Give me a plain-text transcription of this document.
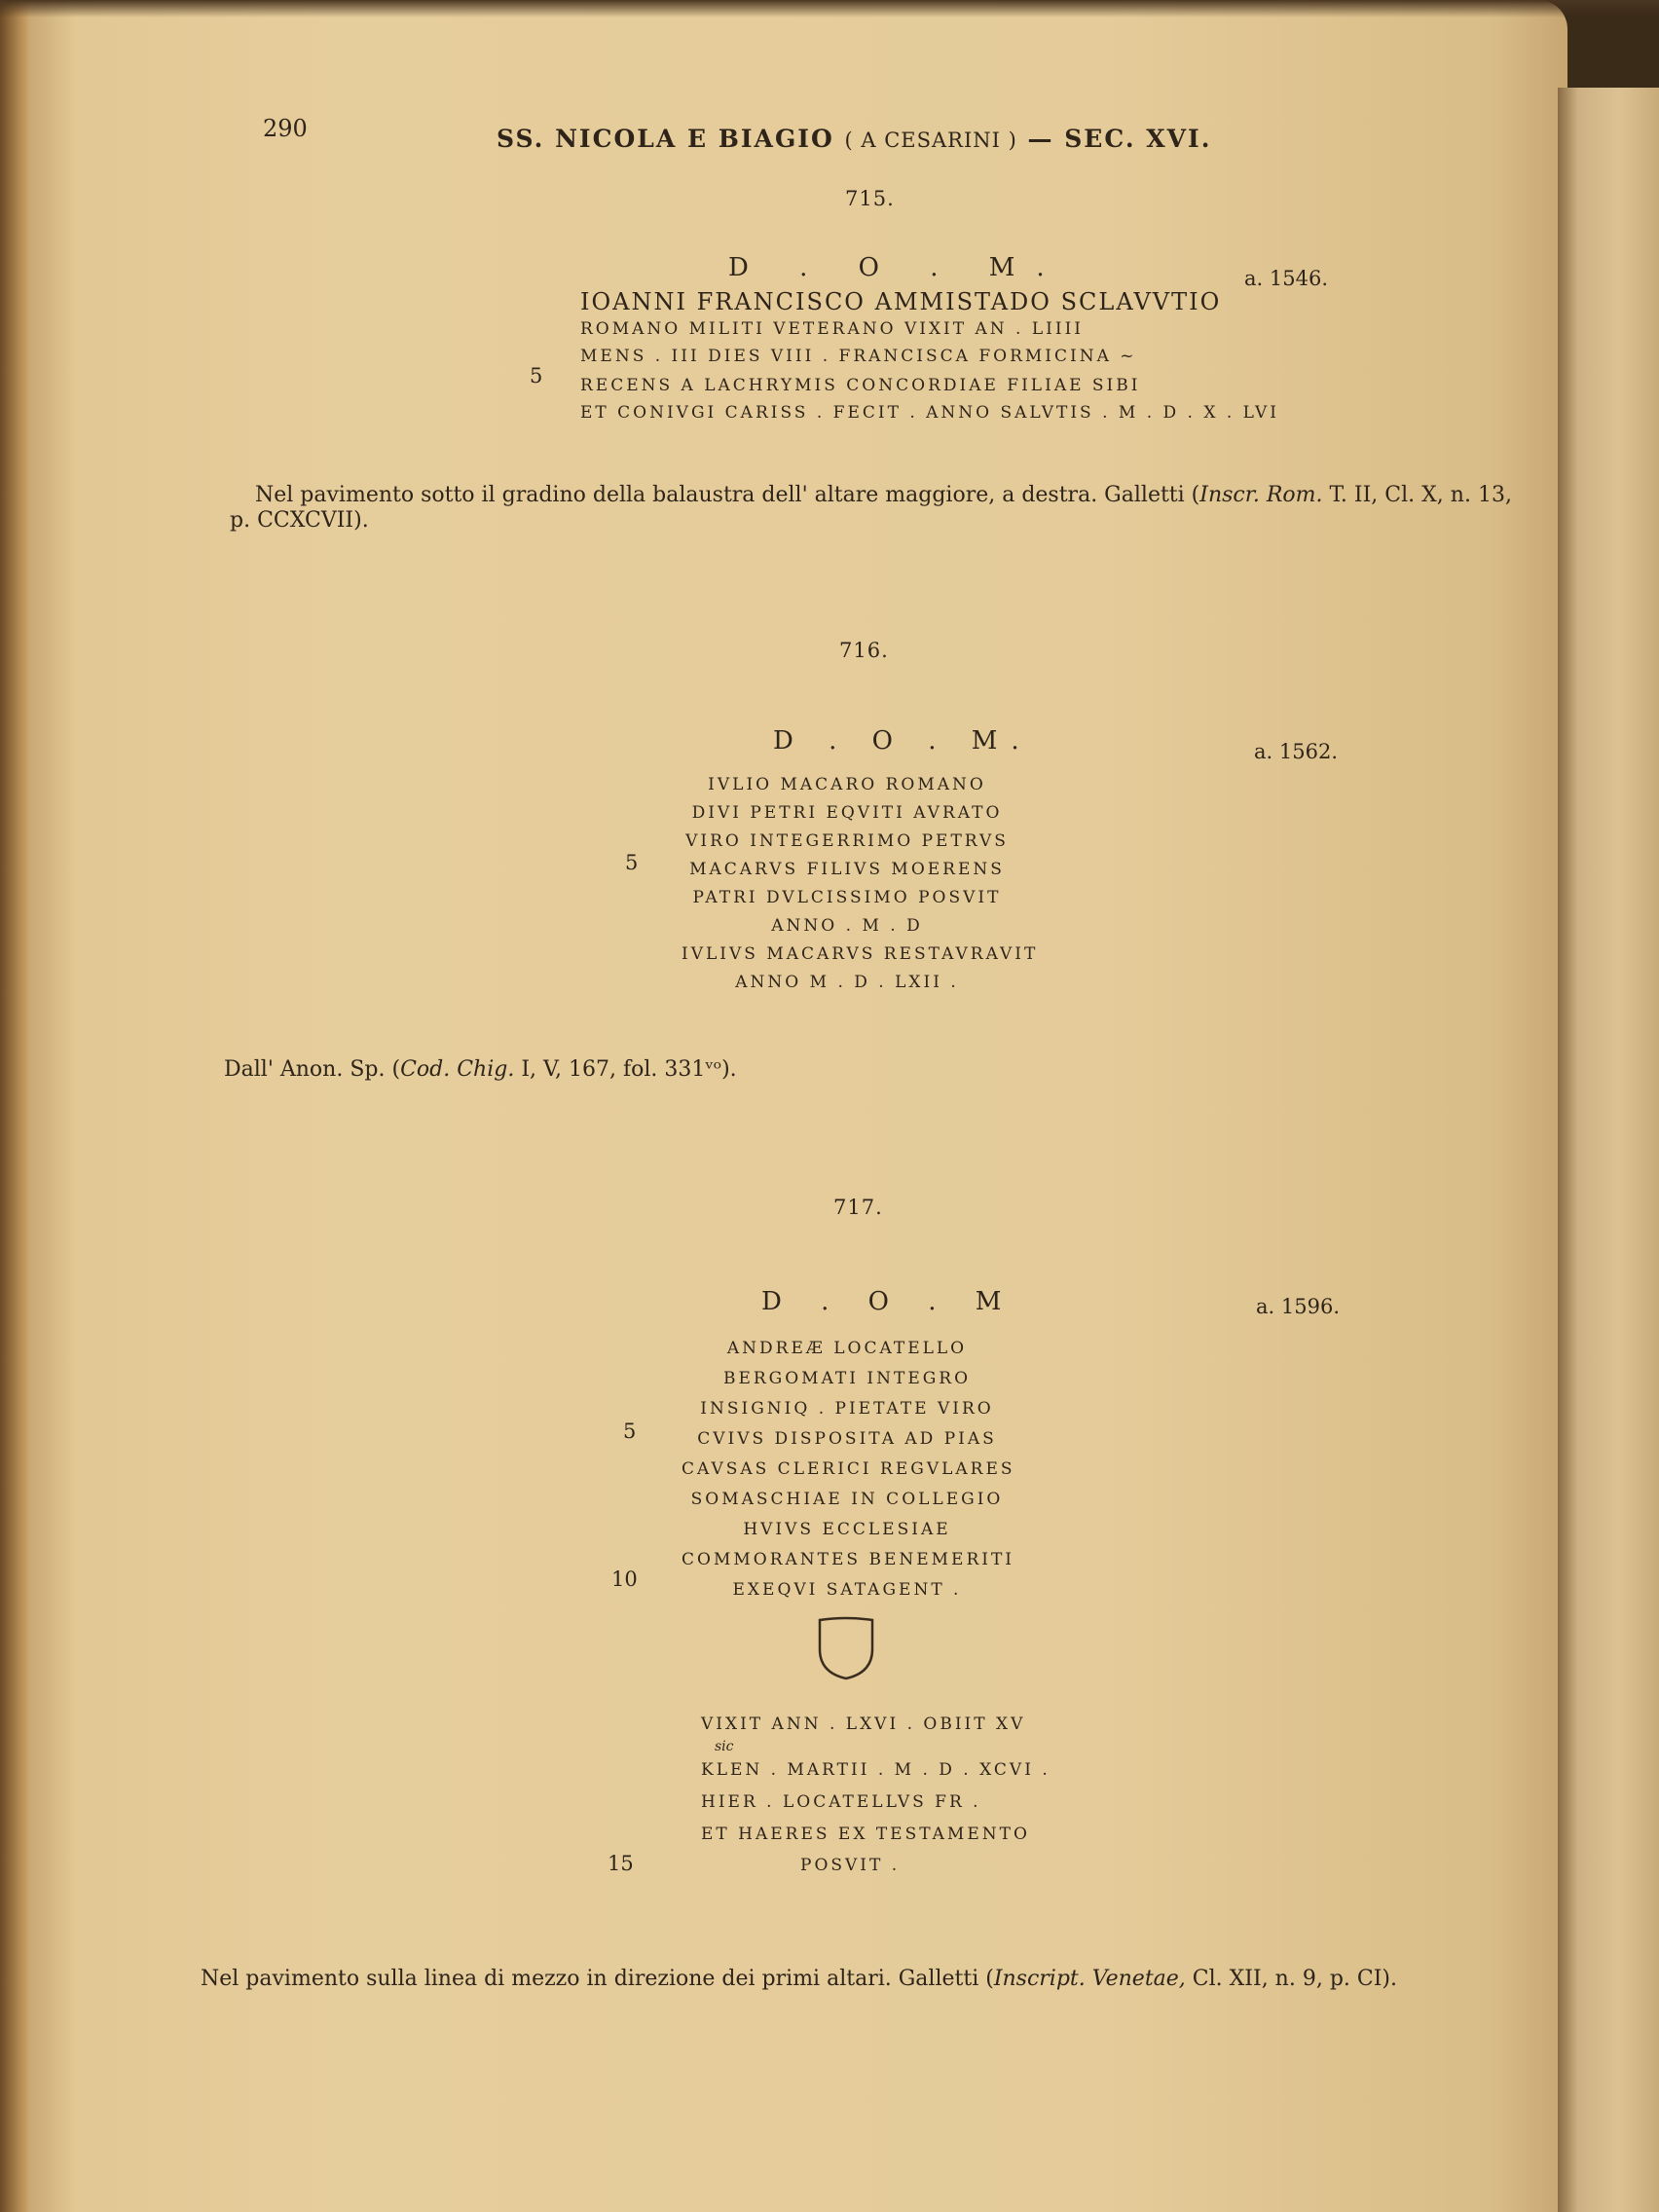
290	SS. NICOLA E BIAGIO ( A CESARINI ) — SEC. XVI.
715.
D . O . M.	a. 1546.
IOANNI FRANCISCO AMMISTADO SCLAVVTIO
ROMANO MILITI VETERANO VIXIT AN . LIIII
MENS . III DIES VIII . FRANCISCA FORMICINA ~
RECENS A LACHRYMIS CONCORDIAE FILIAE SIBI
ET CONIVGI CARISS . FECIT . ANNO SALVTIS . M . D . X . LVI
5
Nel pavimento sotto il gradino della balaustra dell' altare maggiore, a destra. Galletti (Inscr. Rom. T. II, Cl. X, n. 13,
p. CCXCVII).
716.
D . O . M.	a. 1562.
IVLIO MACARO ROMANO
DIVI PETRI EQVITI AVRATO
VIRO INTEGERRIMO PETRVS
MACARVS FILIVS MOERENS
PATRI DVLCISSIMO POSVIT
ANNO . M . D
IVLIVS MACARVS RESTAVRAVIT
ANNO M . D . LXII .
5
Dall' Anon. Sp. (Cod. Chig. I, V, 167, fol. 331ᵛᵒ).
717.
D . O . M	a. 1596.
ANDREÆ LOCATELLO
BERGOMATI INTEGRO
INSIGNIQ . PIETATE VIRO
CVIVS DISPOSITA AD PIAS
CAVSAS CLERICI REGVLARES
SOMASCHIAE IN COLLEGIO
HVIVS ECCLESIAE
COMMORANTES BENEMERITI
EXEQVI SATAGENT .
5
10
VIXIT ANN . LXVI . OBIIT XV
sic
KLEN . MARTII . M . D . XCVI .
HIER . LOCATELLVS FR .
ET HAERES EX TESTAMENTO
POSVIT .
15
Nel pavimento sulla linea di mezzo in direzione dei primi altari. Galletti (Inscript. Venetae, Cl. XII, n. 9, p. CI).
